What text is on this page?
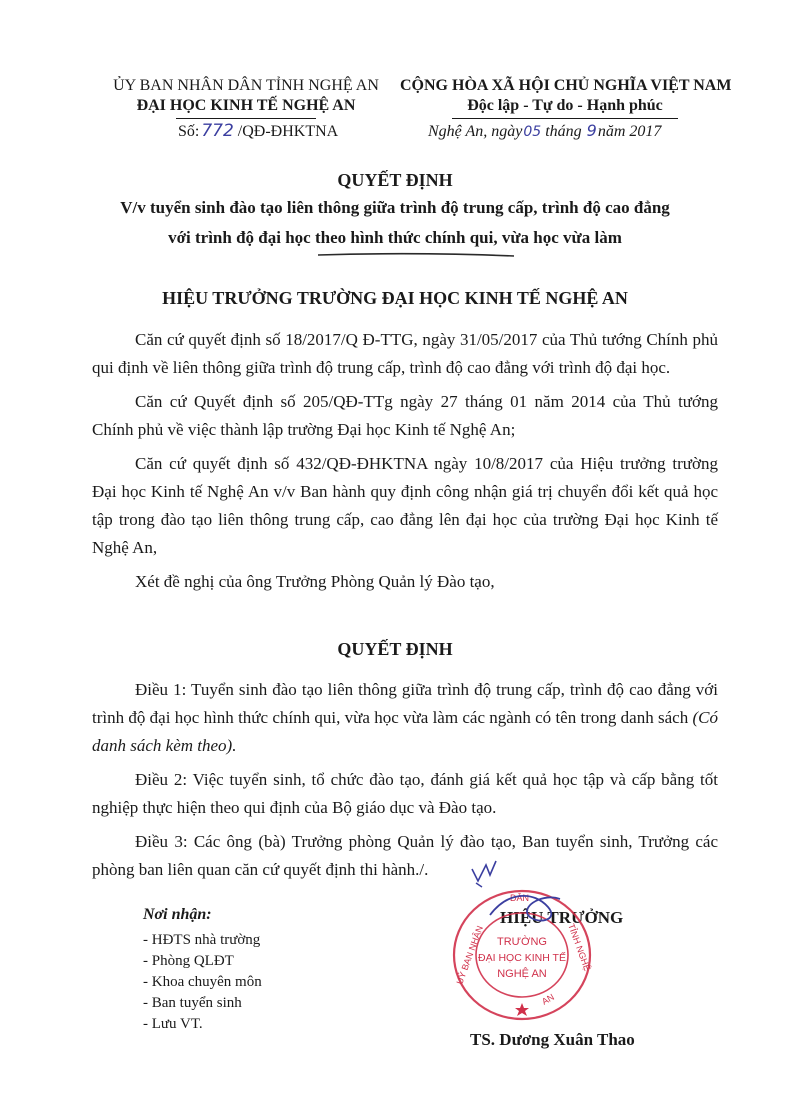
ỦY BAN NHÂN DÂN TỈNH NGHỆ AN
ĐẠI HỌC KINH TẾ NGHỆ AN
Số: 772 /QĐ-ĐHKTNA
CỘNG HÒA XÃ HỘI CHỦ NGHĨA VIỆT NAM
Độc lập - Tự do - Hạnh phúc
Nghệ An, ngày05 tháng 9năm 2017
QUYẾT ĐỊNH
V/v tuyển sinh đào tạo liên thông giữa trình độ trung cấp, trình độ cao đẳng
với trình độ đại học theo hình thức chính qui, vừa học vừa làm
HIỆU TRƯỞNG TRƯỜNG ĐẠI HỌC KINH TẾ NGHỆ AN

Căn cứ quyết định số 18/2017/Q Đ-TTG, ngày 31/05/2017 của Thủ tướng Chính phủ qui định về liên thông giữa trình độ trung cấp, trình độ cao đẳng với trình độ đại học.

Căn cứ Quyết định số 205/QĐ-TTg ngày 27 tháng 01 năm 2014 của Thủ tướng Chính phủ về việc thành lập trường Đại học Kinh tế Nghệ An;

Căn cứ quyết định số 432/QĐ-ĐHKTNA ngày 10/8/2017 của Hiệu trưởng trường Đại học Kinh tế Nghệ An v/v Ban hành quy định công nhận giá trị chuyển đổi kết quả học tập trong đào tạo liên thông trung cấp, cao đẳng lên đại học của trường Đại học Kinh tế Nghệ An,

Xét đề nghị của ông Trưởng Phòng Quản lý Đào tạo,

QUYẾT ĐỊNH

Điều 1: Tuyển sinh đào tạo liên thông giữa trình độ trung cấp, trình độ cao đẳng với trình độ đại học hình thức chính qui, vừa học vừa làm các ngành có tên trong danh sách (Có danh sách kèm theo).

Điều 2: Việc tuyển sinh, tổ chức đào tạo, đánh giá kết quả học tập và cấp bằng tốt nghiệp thực hiện theo qui định của Bộ giáo dục và Đào tạo.

Điều 3: Các ông (bà) Trưởng phòng Quản lý đào tạo, Ban tuyển sinh, Trưởng các phòng ban liên quan căn cứ quyết định thi hành./.

Nơi nhận:
- HĐTS nhà trường
- Phòng QLĐT
- Khoa chuyên môn
- Ban tuyển sinh
- Lưu VT.
HIỆU TRƯỞNG
UỶ BAN NHÂN
DÂN
TỈNH NGHỆ
AN
TRƯỜNG
ĐẠI HỌC KINH TẾ
NGHỆ AN
TS. Dương Xuân Thao
